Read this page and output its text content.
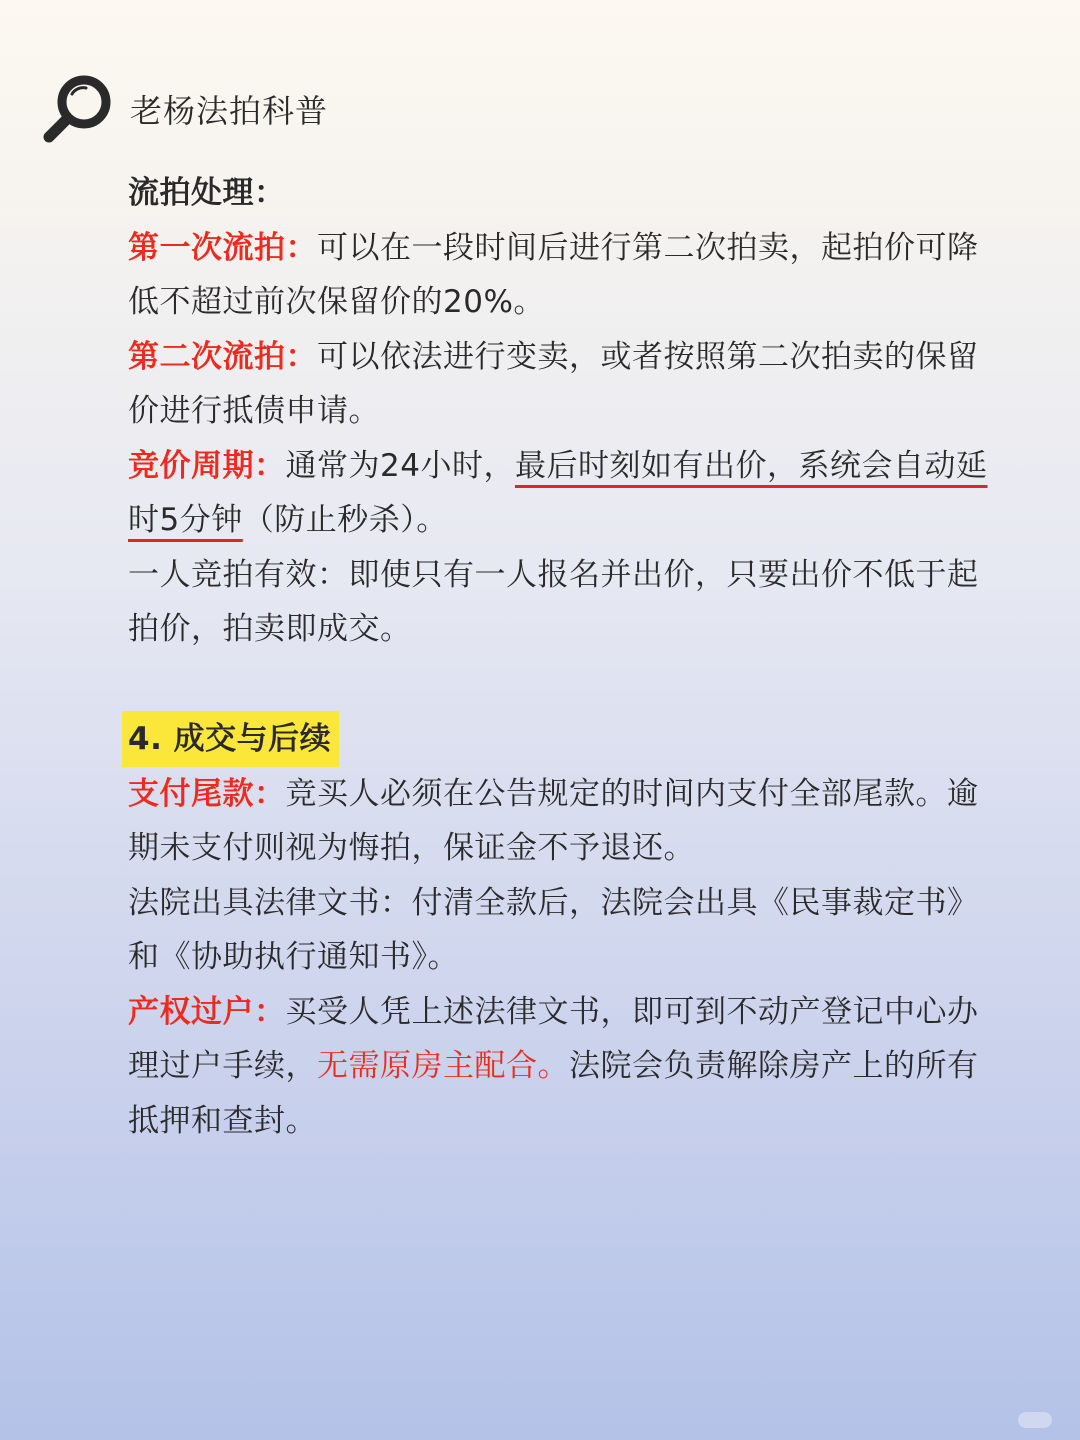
老杨法拍科普

流拍处理：

第一次流拍：可以在一段时间后进行第二次拍卖，起拍价可降低不超过前次保留价的20%。

第二次流拍：可以依法进行变卖，或者按照第二次拍卖的保留价进行抵债申请。

竞价周期：通常为24小时，最后时刻如有出价，系统会自动延时5分钟（防止秒杀）。

一人竞拍有效：即使只有一人报名并出价，只要出价不低于起拍价，拍卖即成交。

4. 成交与后续

支付尾款：竞买人必须在公告规定的时间内支付全部尾款。逾期未支付则视为悔拍，保证金不予退还。

法院出具法律文书：付清全款后，法院会出具《民事裁定书》和《协助执行通知书》。

产权过户：买受人凭上述法律文书，即可到不动产登记中心办理过户手续，无需原房主配合。法院会负责解除房产上的所有抵押和查封。
